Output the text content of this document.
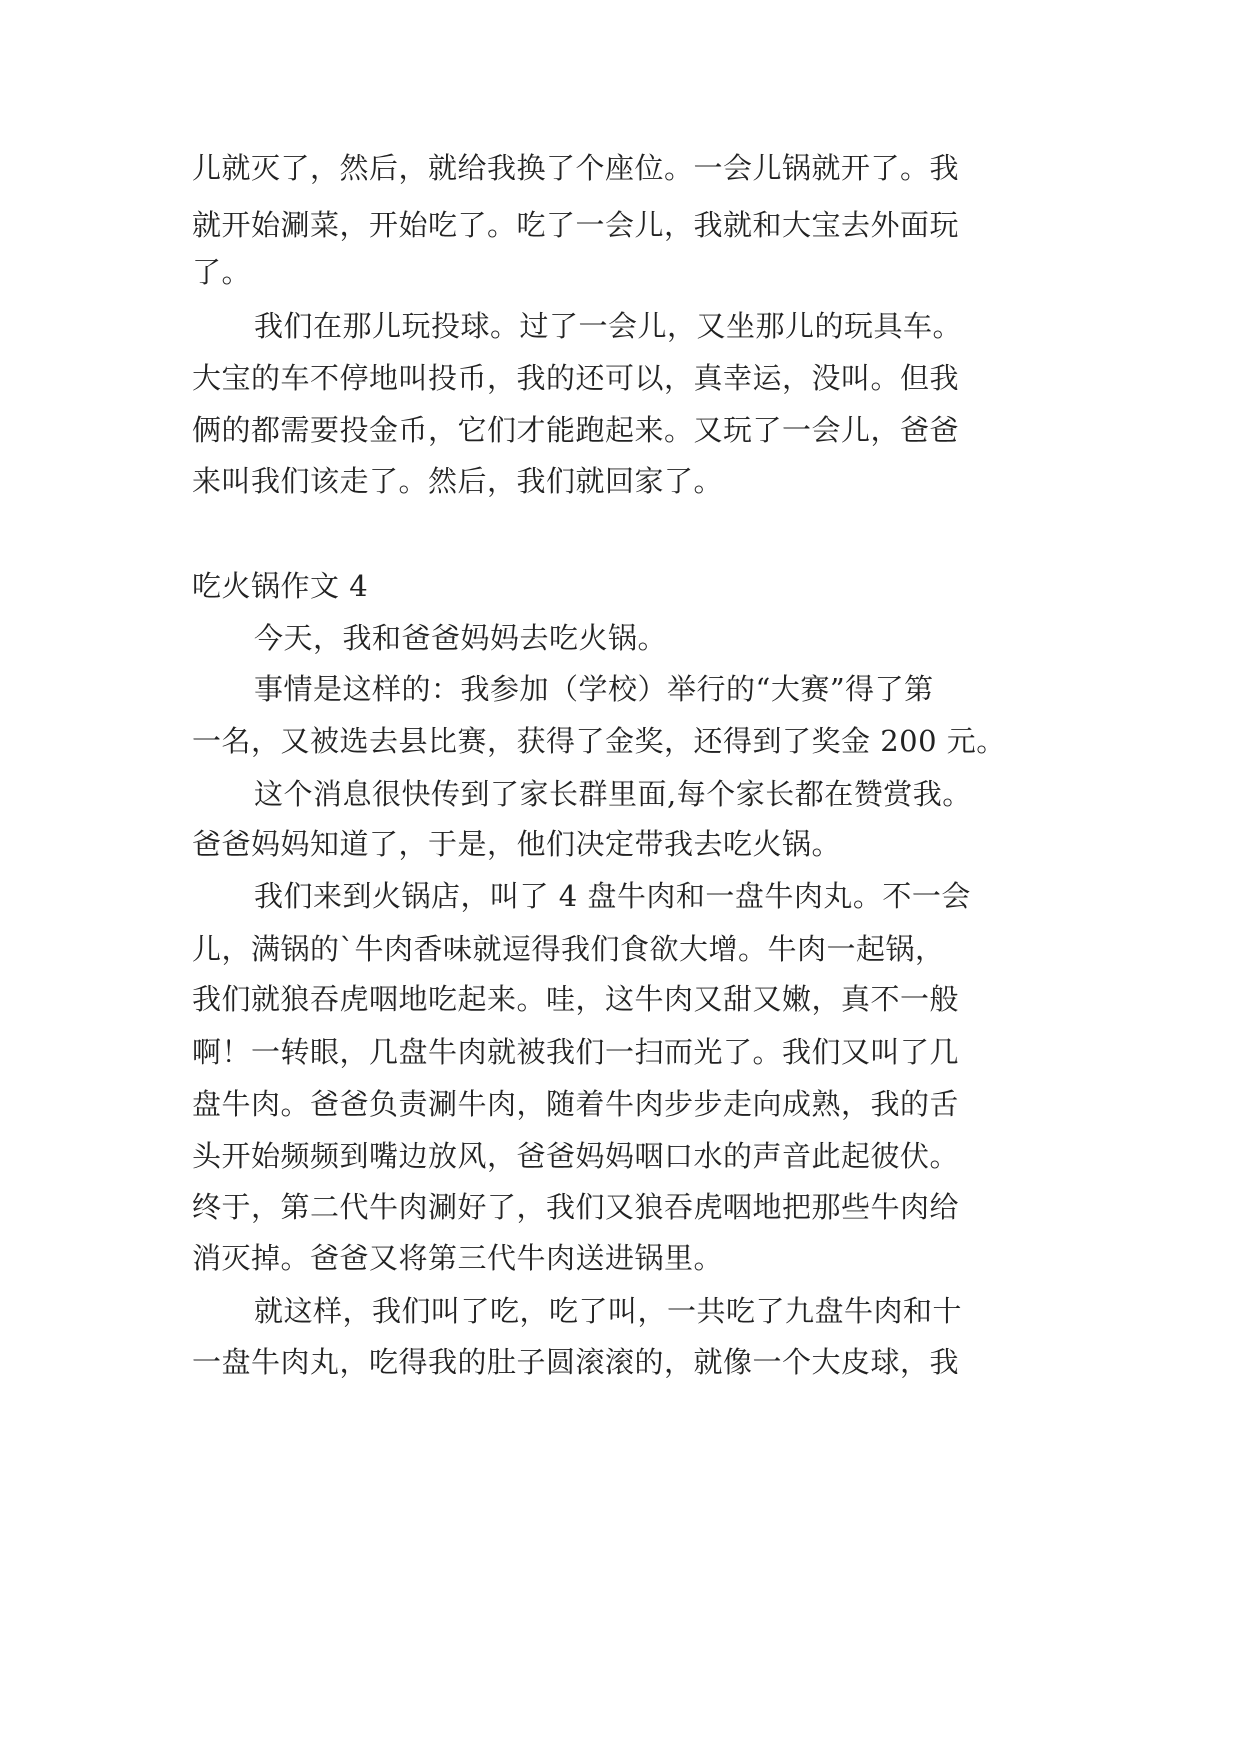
儿就灭了，然后，就给我换了个座位。一会儿锅就开了。我
就开始涮菜，开始吃了。吃了一会儿，我就和大宝去外面玩
了。
我们在那儿玩投球。过了一会儿，又坐那儿的玩具车。
大宝的车不停地叫投币，我的还可以，真幸运，没叫。但我
俩的都需要投金币，它们才能跑起来。又玩了一会儿，爸爸
来叫我们该走了。然后，我们就回家了。
吃火锅作文 4
今天，我和爸爸妈妈去吃火锅。
事情是这样的：我参加（学校）举行的“大赛”得了第
一名，又被选去县比赛，获得了金奖，还得到了奖金 200 元。
这个消息很快传到了家长群里面,每个家长都在赞赏我。
爸爸妈妈知道了，于是，他们决定带我去吃火锅。
我们来到火锅店，叫了 4 盘牛肉和一盘牛肉丸。不一会
儿，满锅的`牛肉香味就逗得我们食欲大增。牛肉一起锅，
我们就狼吞虎咽地吃起来。哇，这牛肉又甜又嫩，真不一般
啊！一转眼，几盘牛肉就被我们一扫而光了。我们又叫了几
盘牛肉。爸爸负责涮牛肉，随着牛肉步步走向成熟，我的舌
头开始频频到嘴边放风，爸爸妈妈咽口水的声音此起彼伏。
终于，第二代牛肉涮好了，我们又狼吞虎咽地把那些牛肉给
消灭掉。爸爸又将第三代牛肉送进锅里。
就这样，我们叫了吃，吃了叫，一共吃了九盘牛肉和十
一盘牛肉丸，吃得我的肚子圆滚滚的，就像一个大皮球，我
